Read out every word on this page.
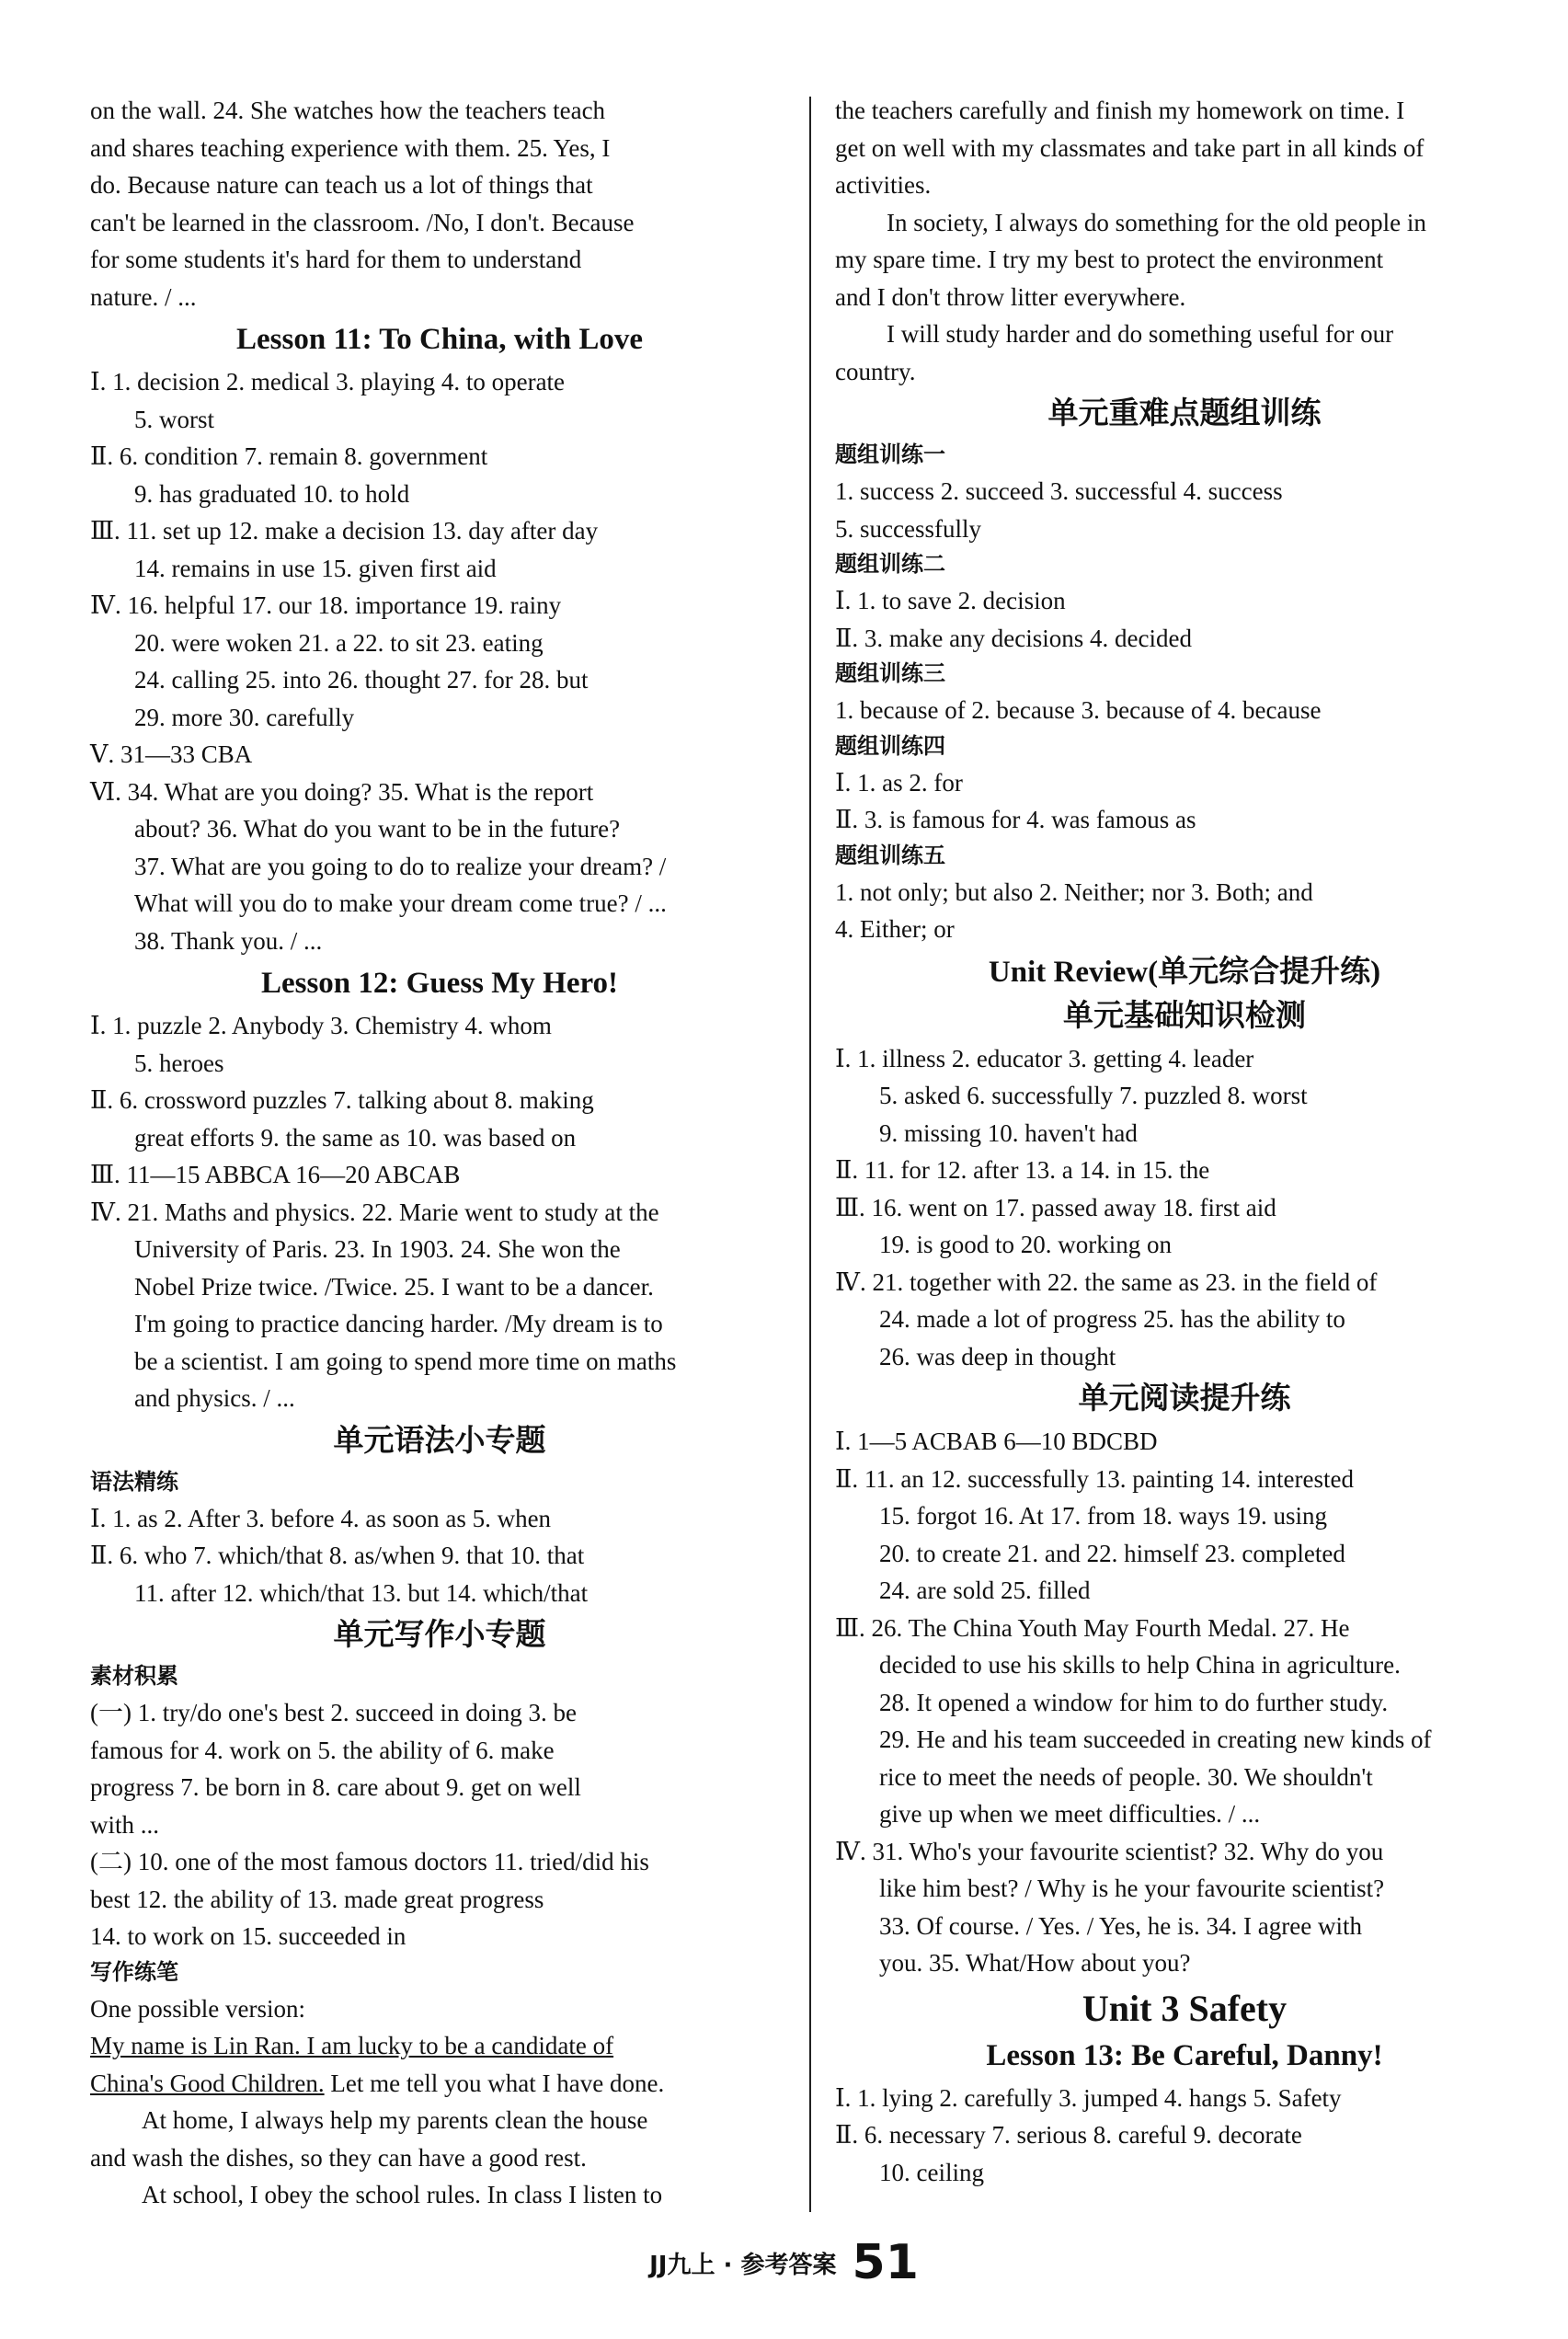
on the wall. 24. She watches how the teachers teach
and shares teaching experience with them. 25. Yes, I
do. Because nature can teach us a lot of things that
can't be learned in the classroom. /No, I don't. Because
for some students it's hard for them to understand
nature. / ...
Lesson 11: To China, with Love
Ⅰ. 1. decision 2. medical 3. playing 4. to operate
5. worst
Ⅱ. 6. condition 7. remain 8. government
9. has graduated 10. to hold
Ⅲ. 11. set up 12. make a decision 13. day after day
14. remains in use 15. given first aid
Ⅳ. 16. helpful 17. our 18. importance 19. rainy
20. were woken 21. a 22. to sit 23. eating
24. calling 25. into 26. thought 27. for 28. but
29. more 30. carefully
Ⅴ. 31—33 CBA
Ⅵ. 34. What are you doing? 35. What is the report
about? 36. What do you want to be in the future?
37. What are you going to do to realize your dream? /
What will you do to make your dream come true? / ...
38. Thank you. / ...
Lesson 12: Guess My Hero!
Ⅰ. 1. puzzle 2. Anybody 3. Chemistry 4. whom
5. heroes
Ⅱ. 6. crossword puzzles 7. talking about 8. making
great efforts 9. the same as 10. was based on
Ⅲ. 11—15 ABBCA 16—20 ABCAB
Ⅳ. 21. Maths and physics. 22. Marie went to study at the
University of Paris. 23. In 1903. 24. She won the
Nobel Prize twice. /Twice. 25. I want to be a dancer.
I'm going to practice dancing harder. /My dream is to
be a scientist. I am going to spend more time on maths
and physics. / ...
单元语法小专题
语法精练
Ⅰ. 1. as 2. After 3. before 4. as soon as 5. when
Ⅱ. 6. who 7. which/that 8. as/when 9. that 10. that
11. after 12. which/that 13. but 14. which/that
单元写作小专题
素材积累
(一) 1. try/do one's best 2. succeed in doing 3. be
famous for 4. work on 5. the ability of 6. make
progress 7. be born in 8. care about 9. get on well
with ...
(二) 10. one of the most famous doctors 11. tried/did his
best 12. the ability of 13. made great progress
14. to work on 15. succeeded in
写作练笔
One possible version:
My name is Lin Ran. I am lucky to be a candidate of
China's Good Children. Let me tell you what I have done.
At home, I always help my parents clean the house
and wash the dishes, so they can have a good rest.
At school, I obey the school rules. In class I listen to
the teachers carefully and finish my homework on time. I
get on well with my classmates and take part in all kinds of
activities.
In society, I always do something for the old people in
my spare time. I try my best to protect the environment
and I don't throw litter everywhere.
I will study harder and do something useful for our
country.
单元重难点题组训练
题组训练一
1. success 2. succeed 3. successful 4. success
5. successfully
题组训练二
Ⅰ. 1. to save 2. decision
Ⅱ. 3. make any decisions 4. decided
题组训练三
1. because of 2. because 3. because of 4. because
题组训练四
Ⅰ. 1. as 2. for
Ⅱ. 3. is famous for 4. was famous as
题组训练五
1. not only; but also 2. Neither; nor 3. Both; and
4. Either; or
Unit Review(单元综合提升练)
单元基础知识检测
Ⅰ. 1. illness 2. educator 3. getting 4. leader
5. asked 6. successfully 7. puzzled 8. worst
9. missing 10. haven't had
Ⅱ. 11. for 12. after 13. a 14. in 15. the
Ⅲ. 16. went on 17. passed away 18. first aid
19. is good to 20. working on
Ⅳ. 21. together with 22. the same as 23. in the field of
24. made a lot of progress 25. has the ability to
26. was deep in thought
单元阅读提升练
Ⅰ. 1—5 ACBAB 6—10 BDCBD
Ⅱ. 11. an 12. successfully 13. painting 14. interested
15. forgot 16. At 17. from 18. ways 19. using
20. to create 21. and 22. himself 23. completed
24. are sold 25. filled
Ⅲ. 26. The China Youth May Fourth Medal. 27. He
decided to use his skills to help China in agriculture.
28. It opened a window for him to do further study.
29. He and his team succeeded in creating new kinds of
rice to meet the needs of people. 30. We shouldn't
give up when we meet difficulties. / ...
Ⅳ. 31. Who's your favourite scientist? 32. Why do you
like him best? / Why is he your favourite scientist?
33. Of course. / Yes. / Yes, he is. 34. I agree with
you. 35. What/How about you?
Unit 3 Safety
Lesson 13: Be Careful, Danny!
Ⅰ. 1. lying 2. carefully 3. jumped 4. hangs 5. Safety
Ⅱ. 6. necessary 7. serious 8. careful 9. decorate
10. ceiling
JJ九上 · 参考答案 51
